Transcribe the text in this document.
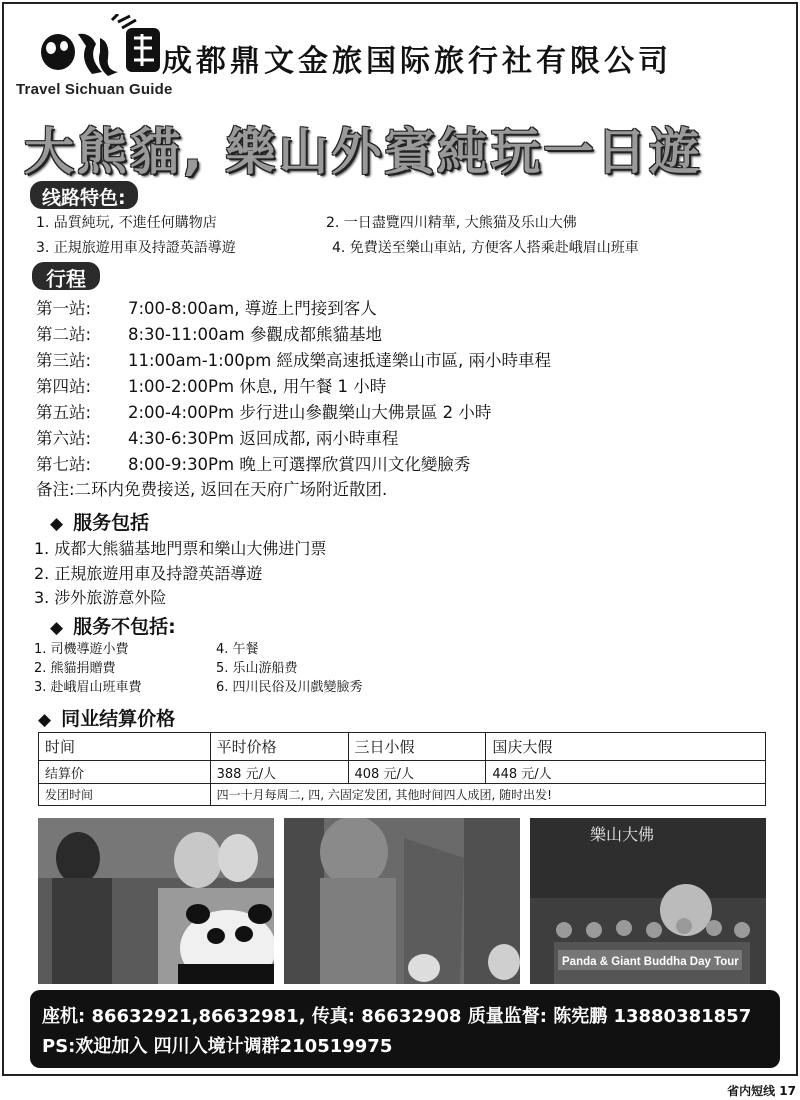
Travel Sichuan Guide
成都鼎文金旅国际旅行社有限公司
大熊貓, 樂山外賓純玩一日遊
线路特色:
1. 品質純玩, 不進任何購物店	2. 一日盡覽四川精華, 大熊猫及乐山大佛
3. 正規旅遊用車及持證英語導遊	4. 免費送至樂山車站, 方便客人搭乘赴峨眉山班車
行程
第一站:	7:00-8:00am, 導遊上門接到客人
第二站:	8:30-11:00am 參觀成都熊貓基地
第三站:	11:00am-1:00pm 經成樂高速抵達樂山市區, 兩小時車程
第四站:	1:00-2:00Pm 休息, 用午餐 1 小時
第五站:	2:00-4:00Pm 步行进山參觀樂山大佛景區 2 小時
第六站:	4:30-6:30Pm 返回成都, 兩小時車程
第七站:	8:00-9:30Pm 晚上可選擇欣賞四川文化變臉秀
备注:二环内免费接送, 返回在天府广场附近散团.
◆ 服务包括
1. 成都大熊貓基地門票和樂山大佛进门票
2. 正規旅遊用車及持證英語導遊
3. 涉外旅游意外险
◆ 服务不包括:
1. 司機導遊小費	4. 午餐
2. 熊貓捐贈費	5. 乐山游船费
3. 赴峨眉山班車費	6. 四川民俗及川戲變臉秀
◆ 同业结算价格
时间	平时价格	三日小假	国庆大假
结算价	388 元/人	408 元/人	448 元/人
发团时间	四一十月每周二, 四, 六固定发团, 其他时间四人成团, 随时出发!		
樂山大佛
Panda & Giant Buddha Day Tour
座机: 86632921,86632981, 传真: 86632908 质量监督: 陈宪鹏 13880381857
PS:欢迎加入 四川入境计调群210519975
省内短线 17
